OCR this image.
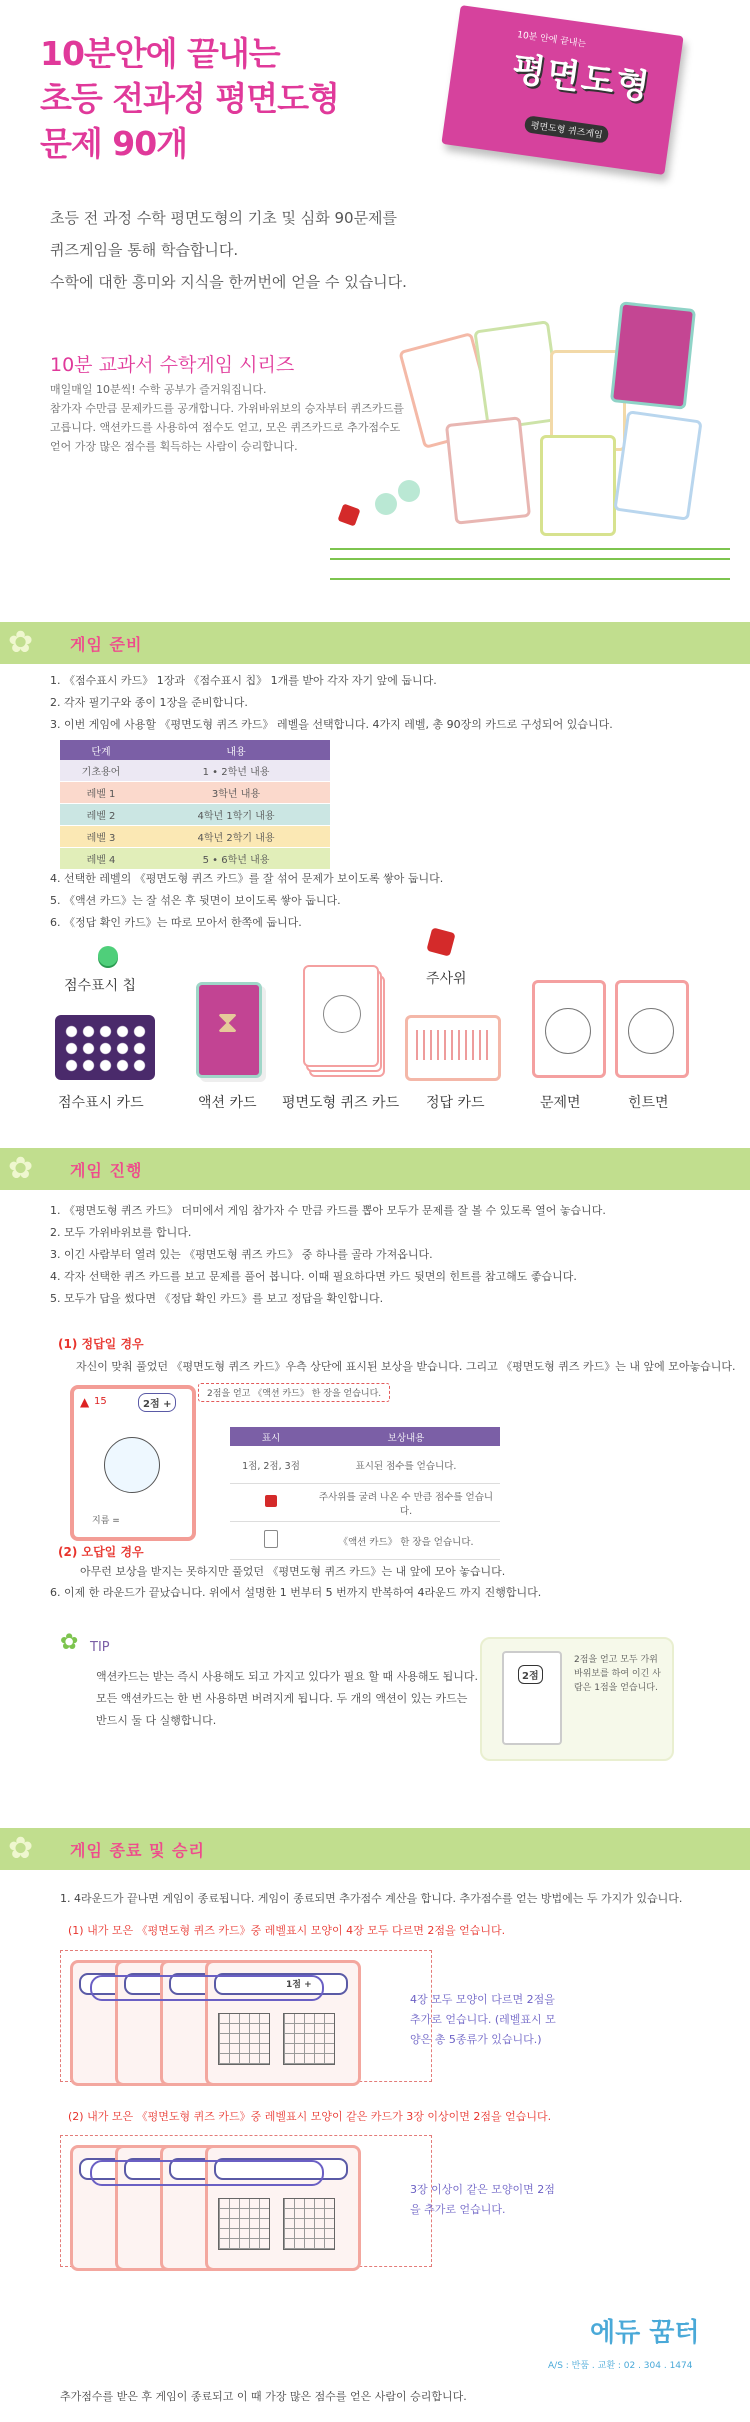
10분안에 끝내는
초등 전과정 평면도형
문제 90개
10분 안에 끝내는
평면도형
평면도형 퀴즈게임
초등 전 과정 수학 평면도형의 기초 및 심화 90문제를
퀴즈게임을 통해 학습합니다.
수학에 대한 흥미와 지식을 한꺼번에 얻을 수 있습니다.
10분 교과서 수학게임 시리즈
매일매일 10분씩! 수학 공부가 즐거워집니다.
참가자 수만큼 문제카드를 공개합니다. 가위바위보의 승자부터 퀴즈카드를
고릅니다. 액션카드를 사용하여 점수도 얻고, 모은 퀴즈카드로 추가점수도
얻어 가장 많은 점수를 획득하는 사람이 승리합니다.
✿ 게임 준비
1. 《점수표시 카드》 1장과 《점수표시 칩》 1개를 받아 각자 자기 앞에 둡니다.
2. 각자 필기구와 종이 1장을 준비합니다.
3. 이번 게임에 사용할 《평면도형 퀴즈 카드》 레벨을 선택합니다. 4가지 레벨, 총 90장의 카드로 구성되어 있습니다.
단계	내용
기초용어	1 • 2학년 내용
레벨 1	3학년 내용
레벨 2	4학년 1학기 내용
레벨 3	4학년 2학기 내용
레벨 4	5 • 6학년 내용
4. 선택한 레벨의 《평면도형 퀴즈 카드》를 잘 섞어 문제가 보이도록 쌓아 둡니다.
5. 《액션 카드》는 잘 섞은 후 뒷면이 보이도록 쌓아 둡니다.
6. 《정답 확인 카드》는 따로 모아서 한쪽에 둡니다.
점수표시 칩
점수표시 카드
⧗
액션 카드 평면도형 퀴즈 카드
주사위
정답 카드	문제면	힌트면
✿ 게임 진행
1. 《평면도형 퀴즈 카드》 더미에서 게임 참가자 수 만큼 카드를 뽑아 모두가 문제를 잘 볼 수 있도록 열어 놓습니다.
2. 모두 가위바위보를 합니다.
3. 이긴 사람부터 열려 있는 《평면도형 퀴즈 카드》 중 하나를 골라 가져옵니다.
4. 각자 선택한 퀴즈 카드를 보고 문제를 풀어 봅니다. 이때 필요하다면 카드 뒷면의 힌트를 참고해도 좋습니다.
5. 모두가 답을 썼다면 《정답 확인 카드》를 보고 정답을 확인합니다.
(1) 정답일 경우
자신이 맞춰 풀었던 《평면도형 퀴즈 카드》우측 상단에 표시된 보상을 받습니다. 그리고 《평면도형 퀴즈 카드》는 내 앞에 모아놓습니다.
▲ 15	2점 +
지름 =
2점을 얻고 《액션 카드》 한 장을 얻습니다.
표시	보상내용
1점, 2점, 3점	표시된 점수를 얻습니다.
	주사위를 굴려 나온 수 만큼 점수를 얻습니다.
	《액션 카드》 한 장을 얻습니다.
(2) 오답일 경우
아무런 보상을 받지는 못하지만 풀었던 《평면도형 퀴즈 카드》는 내 앞에 모아 놓습니다.
6. 이제 한 라운드가 끝났습니다. 위에서 설명한 1 번부터 5 번까지 반복하여 4라운드 까지 진행합니다.
✿ TIP
액션카드는 받는 즉시 사용해도 되고 가지고 있다가 필요 할 때 사용해도 됩니다.
모든 액션카드는 한 번 사용하면 버려지게 됩니다. 두 개의 액션이 있는 카드는
반드시 둘 다 실행합니다.
2점
2점을 얻고 모두 가위바위보를 하여 이긴 사람은 1점을 얻습니다.
✿ 게임 종료 및 승리
1. 4라운드가 끝나면 게임이 종료됩니다. 게임이 종료되면 추가점수 계산을 합니다. 추가점수를 얻는 방법에는 두 가지가 있습니다.
(1) 내가 모은 《평면도형 퀴즈 카드》중 레벨표시 모양이 4장 모두 다르면 2점을 얻습니다.
1점 +
4장 모두 모양이 다르면 2점을 추가로 얻습니다. (레벨표시 모양은 총 5종류가 있습니다.)
(2) 내가 모은 《평면도형 퀴즈 카드》중 레벨표시 모양이 같은 카드가 3장 이상이면 2점을 얻습니다.
3장 이상이 같은 모양이면 2점을 추가로 얻습니다.
에듀 꿈터
A/S : 반품 . 교환 : 02 . 304 . 1474
추가점수를 받은 후 게임이 종료되고 이 때 가장 많은 점수를 얻은 사람이 승리합니다.
